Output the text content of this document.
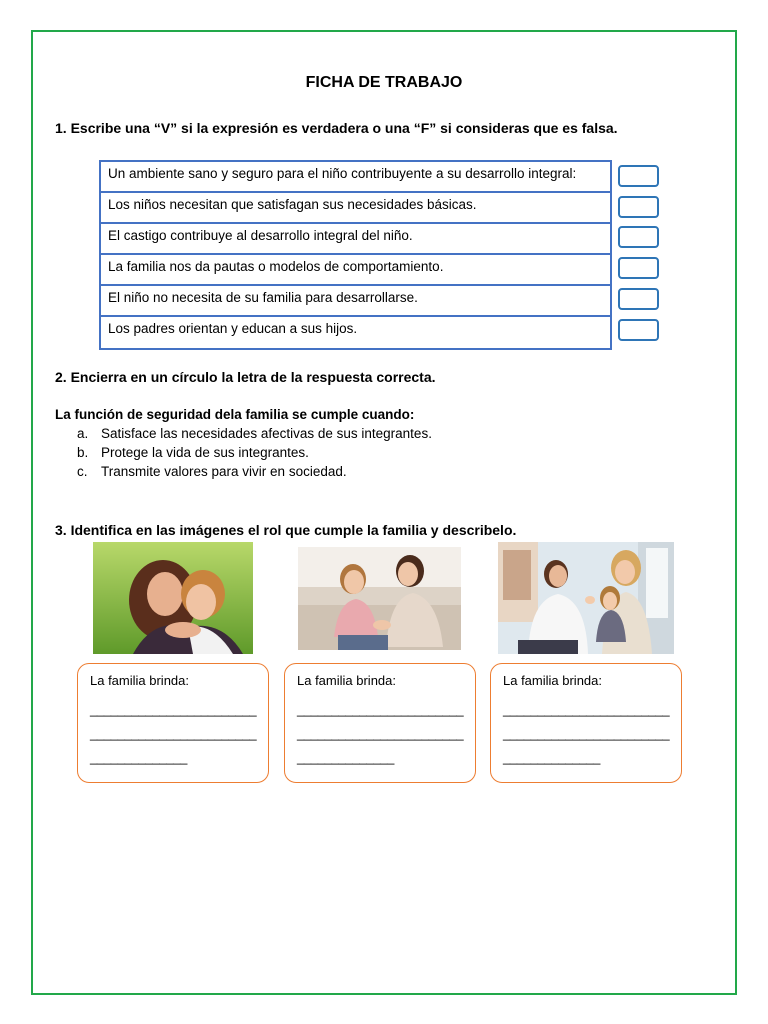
FICHA DE TRABAJO
1. Escribe una “V” si la expresión es verdadera o una “F” si consideras que es falsa.
Un ambiente sano y seguro para el niño contribuyente a su desarrollo integral:
Los niños necesitan que satisfagan sus necesidades básicas.
El castigo contribuye al desarrollo integral del niño.
La familia nos da pautas o modelos de comportamiento.
El niño no necesita de su familia para desarrollarse.
Los padres orientan y educan a sus hijos.
2. Encierra en un círculo la letra de la respuesta correcta.
La función de seguridad dela familia se cumple cuando:
a. Satisface las necesidades afectivas de sus integrantes.
b. Protege la vida de sus integrantes.
c. Transmite valores para vivir en sociedad.
3. Identifica en las imágenes el rol que cumple la familia y describelo.
La familia brinda:
________________________
________________________
______________
La familia brinda:
________________________
________________________
______________
La familia brinda:
________________________
________________________
______________
